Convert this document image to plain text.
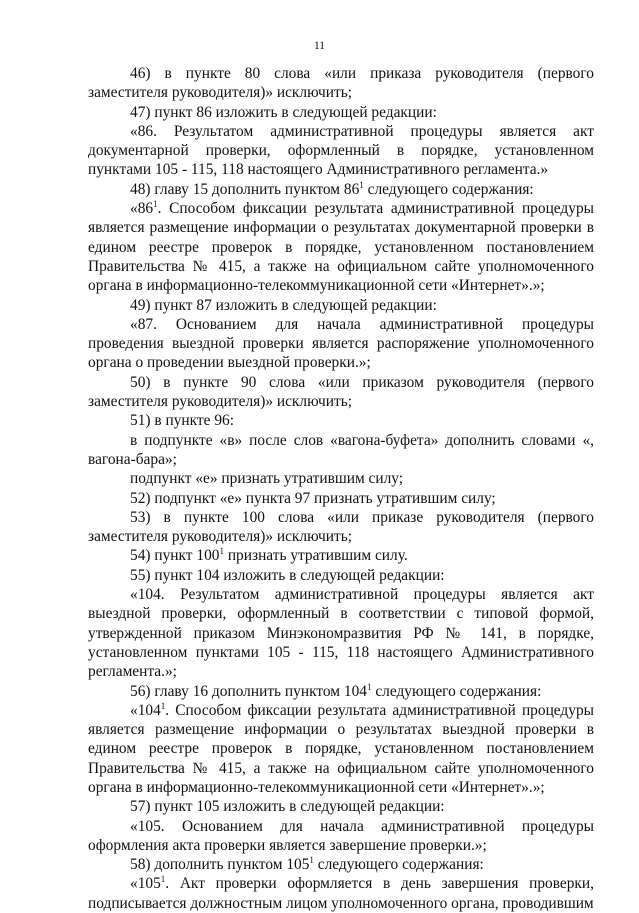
11

46) в пункте 80 слова «или приказа руководителя (первого заместителя руководителя)» исключить;

47) пункт 86 изложить в следующей редакции:

«86. Результатом административной процедуры является акт документарной проверки, оформленный в порядке, установленном пунктами 105 - 115, 118 настоящего Административного регламента.»

48) главу 15 дополнить пунктом $86^1$ следующего содержания:

«$86^1$. Способом фиксации результата административной процедуры является размещение информации о результатах документарной проверки в едином реестре проверок в порядке, установленном постановлением Правительства № 415, а также на официальном сайте уполномоченного органа в информационно-телекоммуникационной сети «Интернет».»;

49) пункт 87 изложить в следующей редакции:

«87. Основанием для начала административной процедуры проведения выездной проверки является распоряжение уполномоченного органа о проведении выездной проверки.»;

50) в пункте 90 слова «или приказом руководителя (первого заместителя руководителя)» исключить;

51) в пункте 96:

в подпункте «в» после слов «вагона-буфета» дополнить словами «, вагона-бара»;

подпункт «е» признать утратившим силу;

52) подпункт «е» пункта 97 признать утратившим силу;

53) в пункте 100 слова «или приказе руководителя (первого заместителя руководителя)» исключить;

54) пункт $100^1$ признать утратившим силу.

55) пункт 104 изложить в следующей редакции:

«104. Результатом административной процедуры является акт выездной проверки, оформленный в соответствии с типовой формой, утвержденной приказом Минэкономразвития РФ № 141, в порядке, установленном пунктами 105 - 115, 118 настоящего Административного регламента.»;

56) главу 16 дополнить пунктом $104^1$ следующего содержания:

«$104^1$. Способом фиксации результата административной процедуры является размещение информации о результатах выездной проверки в едином реестре проверок в порядке, установленном постановлением Правительства № 415, а также на официальном сайте уполномоченного органа в информационно-телекоммуникационной сети «Интернет».»;

57) пункт 105 изложить в следующей редакции:

«105. Основанием для начала административной процедуры оформления акта проверки является завершение проверки.»;

58) дополнить пунктом $105^1$ следующего содержания:

«$105^1$. Акт проверки оформляется в день завершения проверки, подписывается должностным лицом уполномоченного органа, проводившим
